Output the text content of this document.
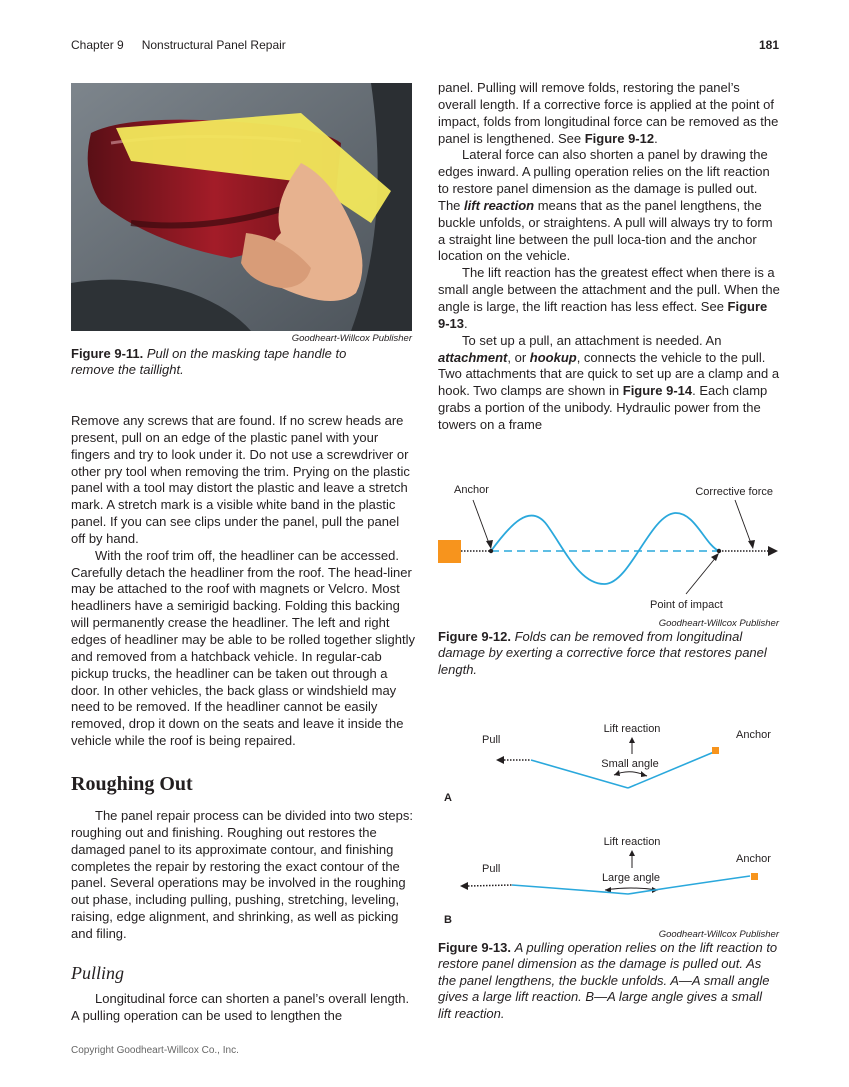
Chapter 9 Nonstructural Panel Repair	181
Goodheart-Willcox Publisher
Figure 9-11. Pull on the masking tape handle to remove the taillight.

Remove any screws that are found. If no screw heads are present, pull on an edge of the plastic panel with your fingers and try to look under it. Do not use a screwdriver or other pry tool when removing the trim. Prying on the plastic panel with a tool may distort the plastic and leave a stretch mark. A stretch mark is a visible white band in the plastic panel. If you can see clips under the panel, pull the panel off by hand.

With the roof trim off, the headliner can be accessed. Carefully detach the headliner from the roof. The head-liner may be attached to the roof with magnets or Velcro. Most headliners have a semirigid backing. Folding this backing will permanently crease the headliner. The left and right edges of headliner may be able to be rolled together slightly and removed from a hatchback vehicle. In regular-cab pickup trucks, the headliner can be taken out through a door. In other vehicles, the back glass or windshield may need to be removed. If the headliner cannot be easily removed, drop it down on the seats and leave it inside the vehicle while the roof is being repaired.

Roughing Out

The panel repair process can be divided into two steps: roughing out and finishing. Roughing out restores the damaged panel to its approximate contour, and finishing completes the repair by restoring the exact contour of the panel. Several operations may be involved in the roughing out phase, including pulling, pushing, stretching, leveling, raising, edge alignment, and shrinking, as well as picking and filing.

Pulling

Longitudinal force can shorten a panel’s overall length. A pulling operation can be used to lengthen the

panel. Pulling will remove folds, restoring the panel’s overall length. If a corrective force is applied at the point of impact, folds from longitudinal force can be removed as the panel is lengthened. See Figure 9-12.

Lateral force can also shorten a panel by drawing the edges inward. A pulling operation relies on the lift reaction to restore panel dimension as the damage is pulled out. The lift reaction means that as the panel lengthens, the buckle unfolds, or straightens. A pull will always try to form a straight line between the pull loca-tion and the anchor location on the vehicle.

The lift reaction has the greatest effect when there is a small angle between the attachment and the pull. When the angle is large, the lift reaction has less effect. See Figure 9-13.

To set up a pull, an attachment is needed. An attachment, or hookup, connects the vehicle to the pull. Two attachments that are quick to set up are a clamp and a hook. Two clamps are shown in Figure 9-14. Each clamp grabs a portion of the unibody. Hydraulic power from the towers on a frame

Anchor	Corrective force
Point of impact
Goodheart-Willcox Publisher
Figure 9-12. Folds can be removed from longitudinal damage by exerting a corrective force that restores panel length.
Lift reaction
Pull	Anchor
Small angle
A
Lift reaction
Pull
Anchor
Large angle
B
Goodheart-Willcox Publisher
Figure 9-13. A pulling operation relies on the lift reaction to restore panel dimension as the damage is pulled out. As the panel lengthens, the buckle unfolds. A—A small angle gives a large lift reaction. B—A large angle gives a small lift reaction.
Copyright Goodheart-Willcox Co., Inc.
